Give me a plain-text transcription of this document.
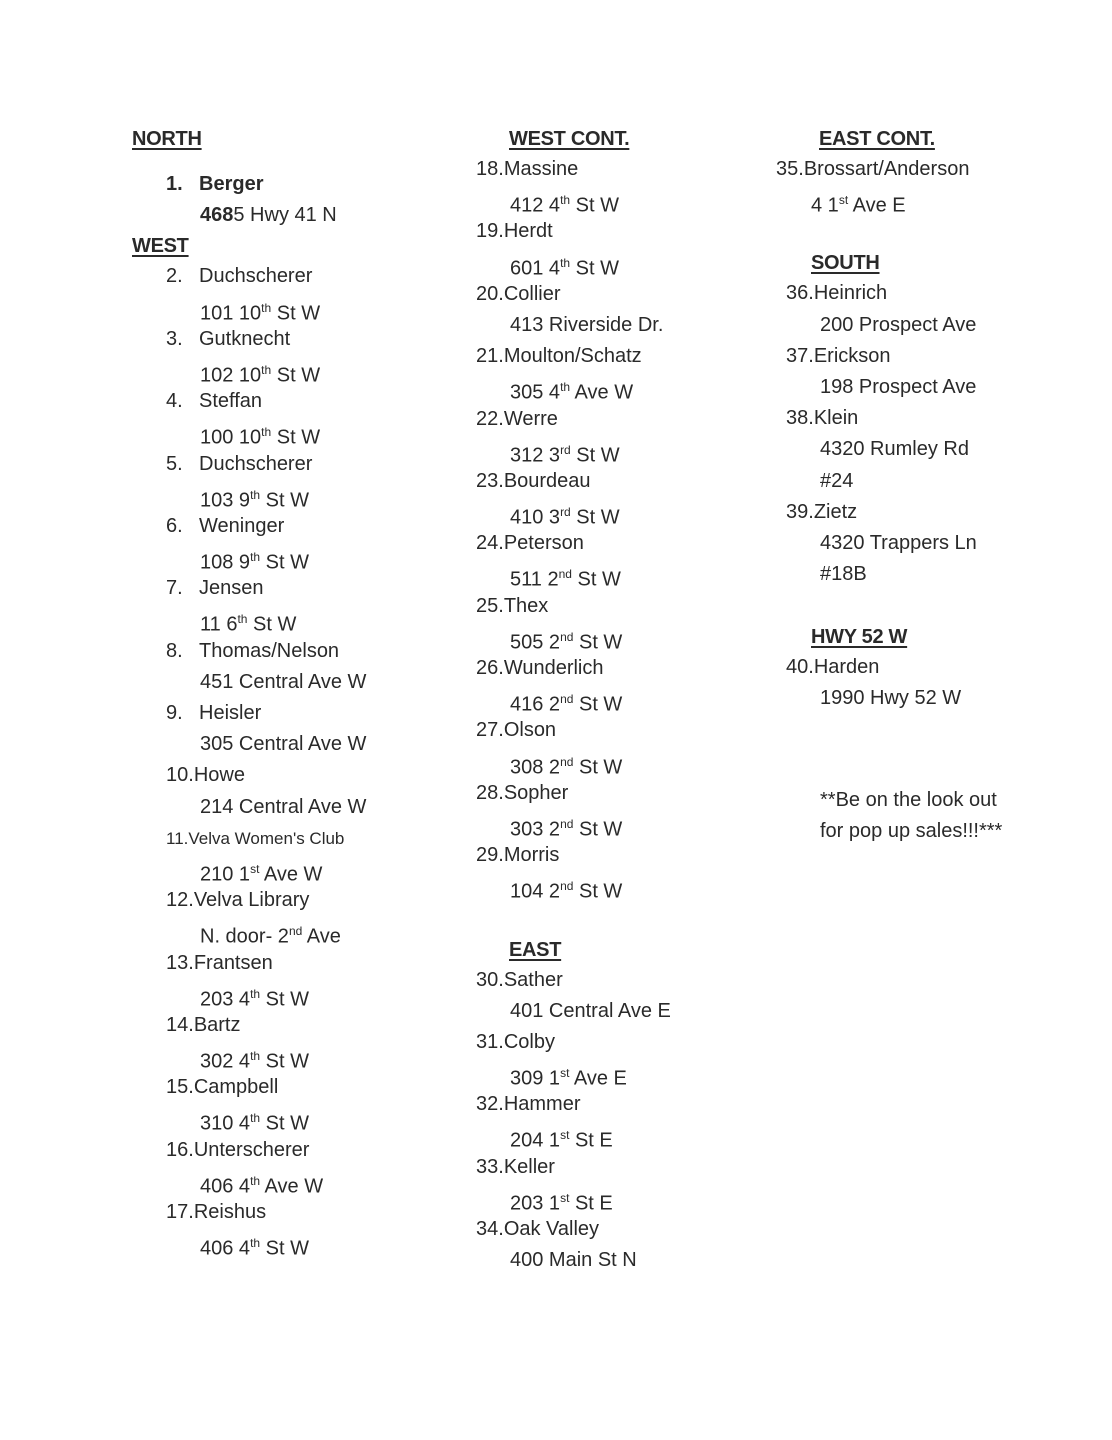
NORTH
1. Berger
4685 Hwy 41 N
WEST
2. Duchscherer
101 10th St W
3. Gutknecht
102 10th St W
4. Steffan
100 10th St W
5. Duchscherer
103 9th St W
6. Weninger
108 9th St W
7. Jensen
11 6th St W
8. Thomas/Nelson
451 Central Ave W
9. Heisler
305 Central Ave W
10.Howe
214 Central Ave W
11.Velva Women's Club
210 1st Ave W
12.Velva Library
N. door- 2nd Ave
13.Frantsen
203 4th St W
14.Bartz
302 4th St W
15.Campbell
310 4th St W
16.Unterscherer
406 4th Ave W
17.Reishus
406 4th St W
WEST CONT.
18.Massine
412 4th St W
19.Herdt
601 4th St W
20.Collier
413 Riverside Dr.
21.Moulton/Schatz
305 4th Ave W
22.Werre
312 3rd St W
23.Bourdeau
410 3rd St W
24.Peterson
511 2nd St W
25.Thex
505 2nd St W
26.Wunderlich
416 2nd St W
27.Olson
308 2nd St W
28.Sopher
303 2nd St W
29.Morris
104 2nd St W
EAST
30.Sather
401 Central Ave E
31.Colby
309 1st Ave E
32.Hammer
204 1st St E
33.Keller
203 1st St E
34.Oak Valley
400 Main St N
EAST CONT.
35.Brossart/Anderson
4 1st Ave E
SOUTH
36.Heinrich
200 Prospect Ave
37.Erickson
198 Prospect Ave
38.Klein
4320 Rumley Rd
#24
39.Zietz
4320 Trappers Ln
#18B
HWY 52 W
40.Harden
1990 Hwy 52 W
**Be on the look out for pop up sales!!!***
